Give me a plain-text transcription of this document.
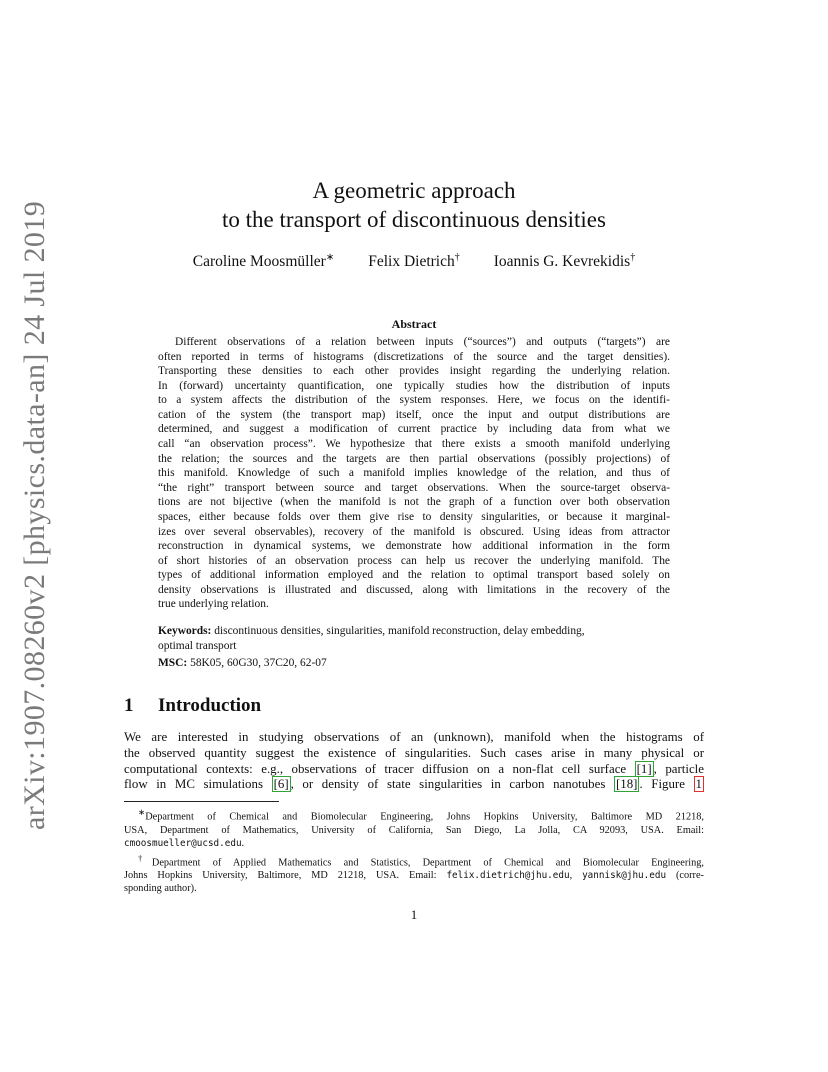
arXiv:1907.08260v2 [physics.data-an] 24 Jul 2019
A geometric approach
to the transport of discontinuous densities
Caroline Moosmüller∗ Felix Dietrich† Ioannis G. Kevrekidis†
Abstract
Different observations of a relation between inputs (“sources”) and outputs (“targets”) are
often reported in terms of histograms (discretizations of the source and the target densities).
Transporting these densities to each other provides insight regarding the underlying relation.
In (forward) uncertainty quantification, one typically studies how the distribution of inputs
to a system affects the distribution of the system responses. Here, we focus on the identifi-
cation of the system (the transport map) itself, once the input and output distributions are
determined, and suggest a modification of current practice by including data from what we
call “an observation process”. We hypothesize that there exists a smooth manifold underlying
the relation; the sources and the targets are then partial observations (possibly projections) of
this manifold. Knowledge of such a manifold implies knowledge of the relation, and thus of
“the right” transport between source and target observations. When the source-target observa-
tions are not bijective (when the manifold is not the graph of a function over both observation
spaces, either because folds over them give rise to density singularities, or because it marginal-
izes over several observables), recovery of the manifold is obscured. Using ideas from attractor
reconstruction in dynamical systems, we demonstrate how additional information in the form
of short histories of an observation process can help us recover the underlying manifold. The
types of additional information employed and the relation to optimal transport based solely on
density observations is illustrated and discussed, along with limitations in the recovery of the
true underlying relation.
Keywords: discontinuous densities, singularities, manifold reconstruction, delay embedding,
optimal transport
MSC: 58K05, 60G30, 37C20, 62-07
1 Introduction
We are interested in studying observations of an (unknown), manifold when the histograms of
the observed quantity suggest the existence of singularities. Such cases arise in many physical or
computational contexts: e.g., observations of tracer diffusion on a non-flat cell surface [1] , particle
flow in MC simulations [6] , or density of state singularities in carbon nanotubes [18] . Figure 1
∗Department of Chemical and Biomolecular Engineering, Johns Hopkins University, Baltimore MD 21218,
USA, Department of Mathematics, University of California, San Diego, La Jolla, CA 92093, USA. Email:
cmoosmueller@ucsd.edu.
†Department of Applied Mathematics and Statistics, Department of Chemical and Biomolecular Engineering,
Johns Hopkins University, Baltimore, MD 21218, USA. Email: felix.dietrich@jhu.edu, yannisk@jhu.edu (corre-
sponding author).
1
